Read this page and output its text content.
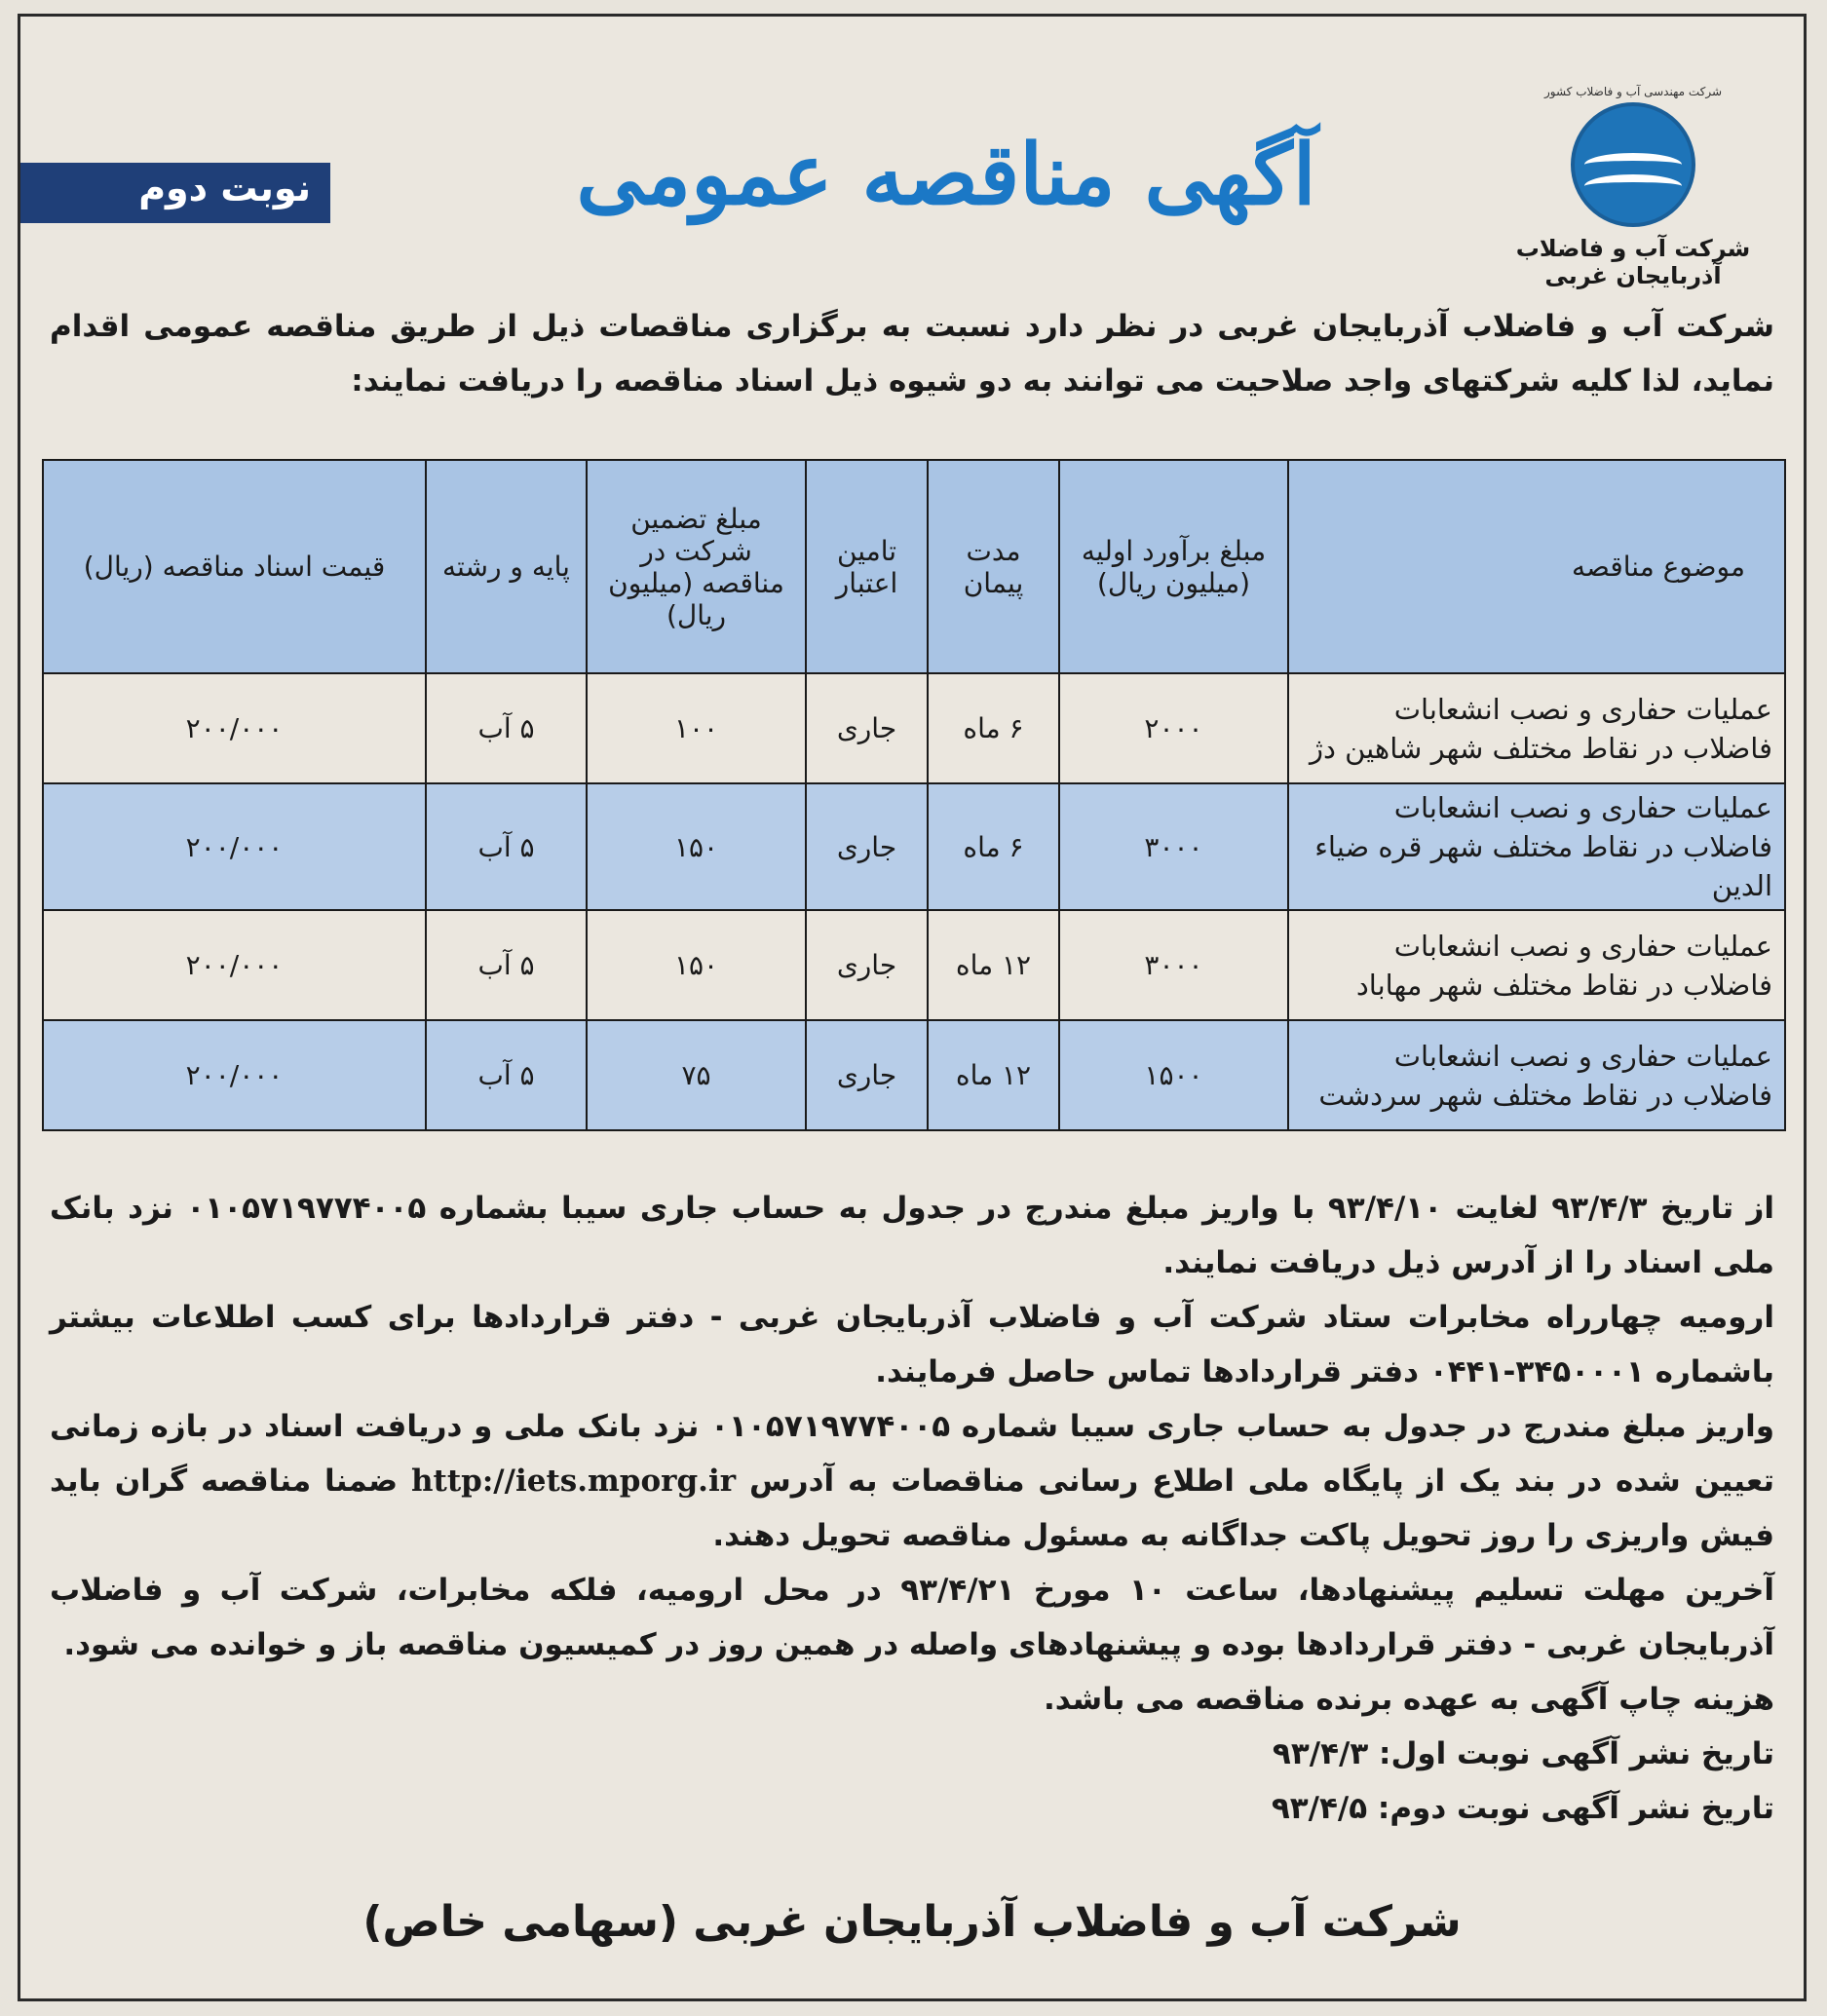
شرکت مهندسی آب و فاضلاب کشور
شرکت آب و فاضلاب آذربایجان غربی
آگهی مناقصه عمومی
نوبت دوم
شرکت آب و فاضلاب آذربایجان غربی در نظر دارد نسبت به برگزاری مناقصات ذیل از طریق مناقصه عمومی اقدام نماید، لذا کلیه شرکتهای واجد صلاحیت می توانند به دو شیوه ذیل اسناد مناقصه را دریافت نمایند:
موضوع مناقصه	مبلغ برآورد اولیه (میلیون ریال)	مدت پیمان	تامین اعتبار	مبلغ تضمین شرکت در مناقصه (میلیون ریال)	پایه و رشته	قیمت اسناد مناقصه (ریال)
عملیات حفاری و نصب انشعابات فاضلاب در نقاط مختلف شهر شاهین دژ	۲۰۰۰	۶ ماه	جاری	۱۰۰	۵ آب	۲۰۰/۰۰۰
عملیات حفاری و نصب انشعابات فاضلاب در نقاط مختلف شهر قره ضیاء الدین	۳۰۰۰	۶ ماه	جاری	۱۵۰	۵ آب	۲۰۰/۰۰۰
عملیات حفاری و نصب انشعابات فاضلاب در نقاط مختلف شهر مهاباد	۳۰۰۰	۱۲ ماه	جاری	۱۵۰	۵ آب	۲۰۰/۰۰۰
عملیات حفاری و نصب انشعابات فاضلاب در نقاط مختلف شهر سردشت	۱۵۰۰	۱۲ ماه	جاری	۷۵	۵ آب	۲۰۰/۰۰۰

از تاریخ ۹۳/۴/۳ لغایت ۹۳/۴/۱۰ با واریز مبلغ مندرج در جدول به حساب جاری سیبا بشماره ۰۱۰۵۷۱۹۷۷۴۰۰۵ نزد بانک ملی اسناد را از آدرس ذیل دریافت نمایند.

ارومیه چهارراه مخابرات ستاد شرکت آب و فاضلاب آذربایجان غربی - دفتر قراردادها برای کسب اطلاعات بیشتر باشماره ۳۴۵۰۰۰۱-۰۴۴۱ دفتر قراردادها تماس حاصل فرمایند.

واریز مبلغ مندرج در جدول به حساب جاری سیبا شماره ۰۱۰۵۷۱۹۷۷۴۰۰۵ نزد بانک ملی و دریافت اسناد در بازه زمانی تعیین شده در بند یک از پایگاه ملی اطلاع رسانی مناقصات به آدرس http://iets.mporg.ir ضمنا مناقصه گران باید فیش واریزی را روز تحویل پاکت جداگانه به مسئول مناقصه تحویل دهند.

آخرین مهلت تسلیم پیشنهادها، ساعت ۱۰ مورخ ۹۳/۴/۲۱ در محل ارومیه، فلکه مخابرات، شرکت آب و فاضلاب آذربایجان غربی - دفتر قراردادها بوده و پیشنهادهای واصله در همین روز در کمیسیون مناقصه باز و خوانده می شود.

هزینه چاپ آگهی به عهده برنده مناقصه می باشد.

تاریخ نشر آگهی نوبت اول: ۹۳/۴/۳

تاریخ نشر آگهی نوبت دوم: ۹۳/۴/۵

شرکت آب و فاضلاب آذربایجان غربی (سهامی خاص)
